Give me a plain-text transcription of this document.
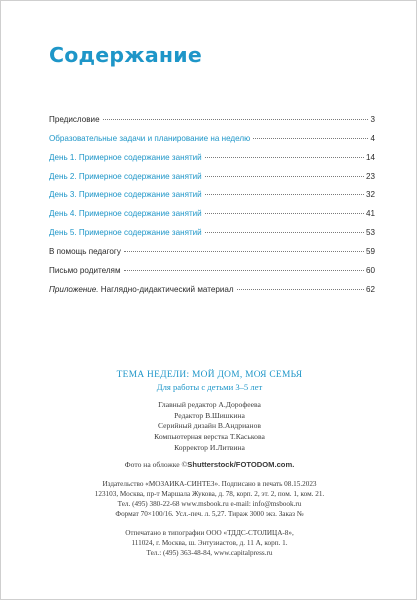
Содержание
Предисловие	3
Образовательные задачи и планирование на неделю	4
День 1. Примерное содержание занятий	14
День 2. Примерное содержание занятий	23
День 3. Примерное содержание занятий	32
День 4. Примерное содержание занятий	41
День 5. Примерное содержание занятий	53
В помощь педагогу	59
Письмо родителям	60
Приложение. Наглядно-дидактический материал	62
ТЕМА НЕДЕЛИ: МОЙ ДОМ, МОЯ СЕМЬЯ
Для работы с детьми 3–5 лет
Главный редактор А.Дорофеева
Редактор В.Шишкина
Серийный дизайн В.Андрианов
Компьютерная верстка Т.Каськова
Корректор И.Литвина
Фото на обложке ©Shutterstock/FOTODOM.com.
Издательство «МОЗАИКА-СИНТЕЗ». Подписано в печать 08.15.2023
123103, Москва, пр-т Маршала Жукова, д. 78, корп. 2, эт. 2, пом. 1, ком. 21.
Тел. (495) 380-22-68 www.msbook.ru e-mail: info@msbook.ru
Формат 70×100/16. Усл.-печ. л. 5,27. Тираж 3000 экз. Заказ №
Отпечатано в типографии ООО «ТДДС-СТОЛИЦА-8»,
111024, г. Москва, ш. Энтузиастов, д. 11 А, корп. 1.
Тел.: (495) 363-48-84, www.capitalpress.ru
